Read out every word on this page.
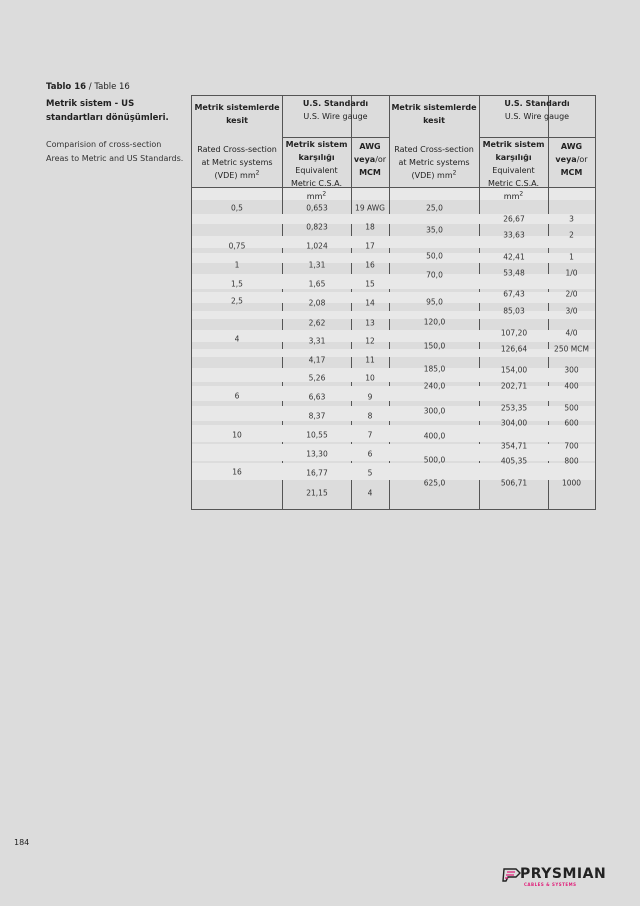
Tablo 16 / Table 16
Metrik sistem - US standartları dönüşümleri.
Comparision of cross-section Areas to Metric and US Standards.
Metrik sistemlerde kesit
U.S. Standardı
U.S. Wire gauge
Rated Cross-section at Metric systems (VDE) $mm^2$
Metrik sistem karşılığı
Equivalent Metric C.S.A. $mm^2$
AWG
veya/or
MCM
Metrik sistemlerde kesit
U.S. Standardı
U.S. Wire gauge
Rated Cross-section at Metric systems (VDE) $mm^2$
Metrik sistem karşılığı
Equivalent Metric C.S.A. $mm^2$
AWG
veya/or
MCM
0,5
0,75
1
1,5
2,5
4
6
10
16
0,653
0,823
1,024
1,31
1,65
2,08
2,62
3,31
4,17
5,26
6,63
8,37
10,55
13,30
16,77
21,15
19 AWG
18
17
16
15
14
13
12
11
10
9
8
7
6
5
4
25,0
35,0
50,0
70,0
95,0
120,0
150,0
185,0
240,0
300,0
400,0
500,0
625,0
26,67
33,63
42,41
53,48
67,43
85,03
107,20
126,64
154,00
202,71
253,35
304,00
354,71
405,35
506,71
3
2
1
1/0
2/0
3/0
4/0
250 MCM
300
400
500
600
700
800
1000
184
PRYSMIAN
CABLES & SYSTEMS
